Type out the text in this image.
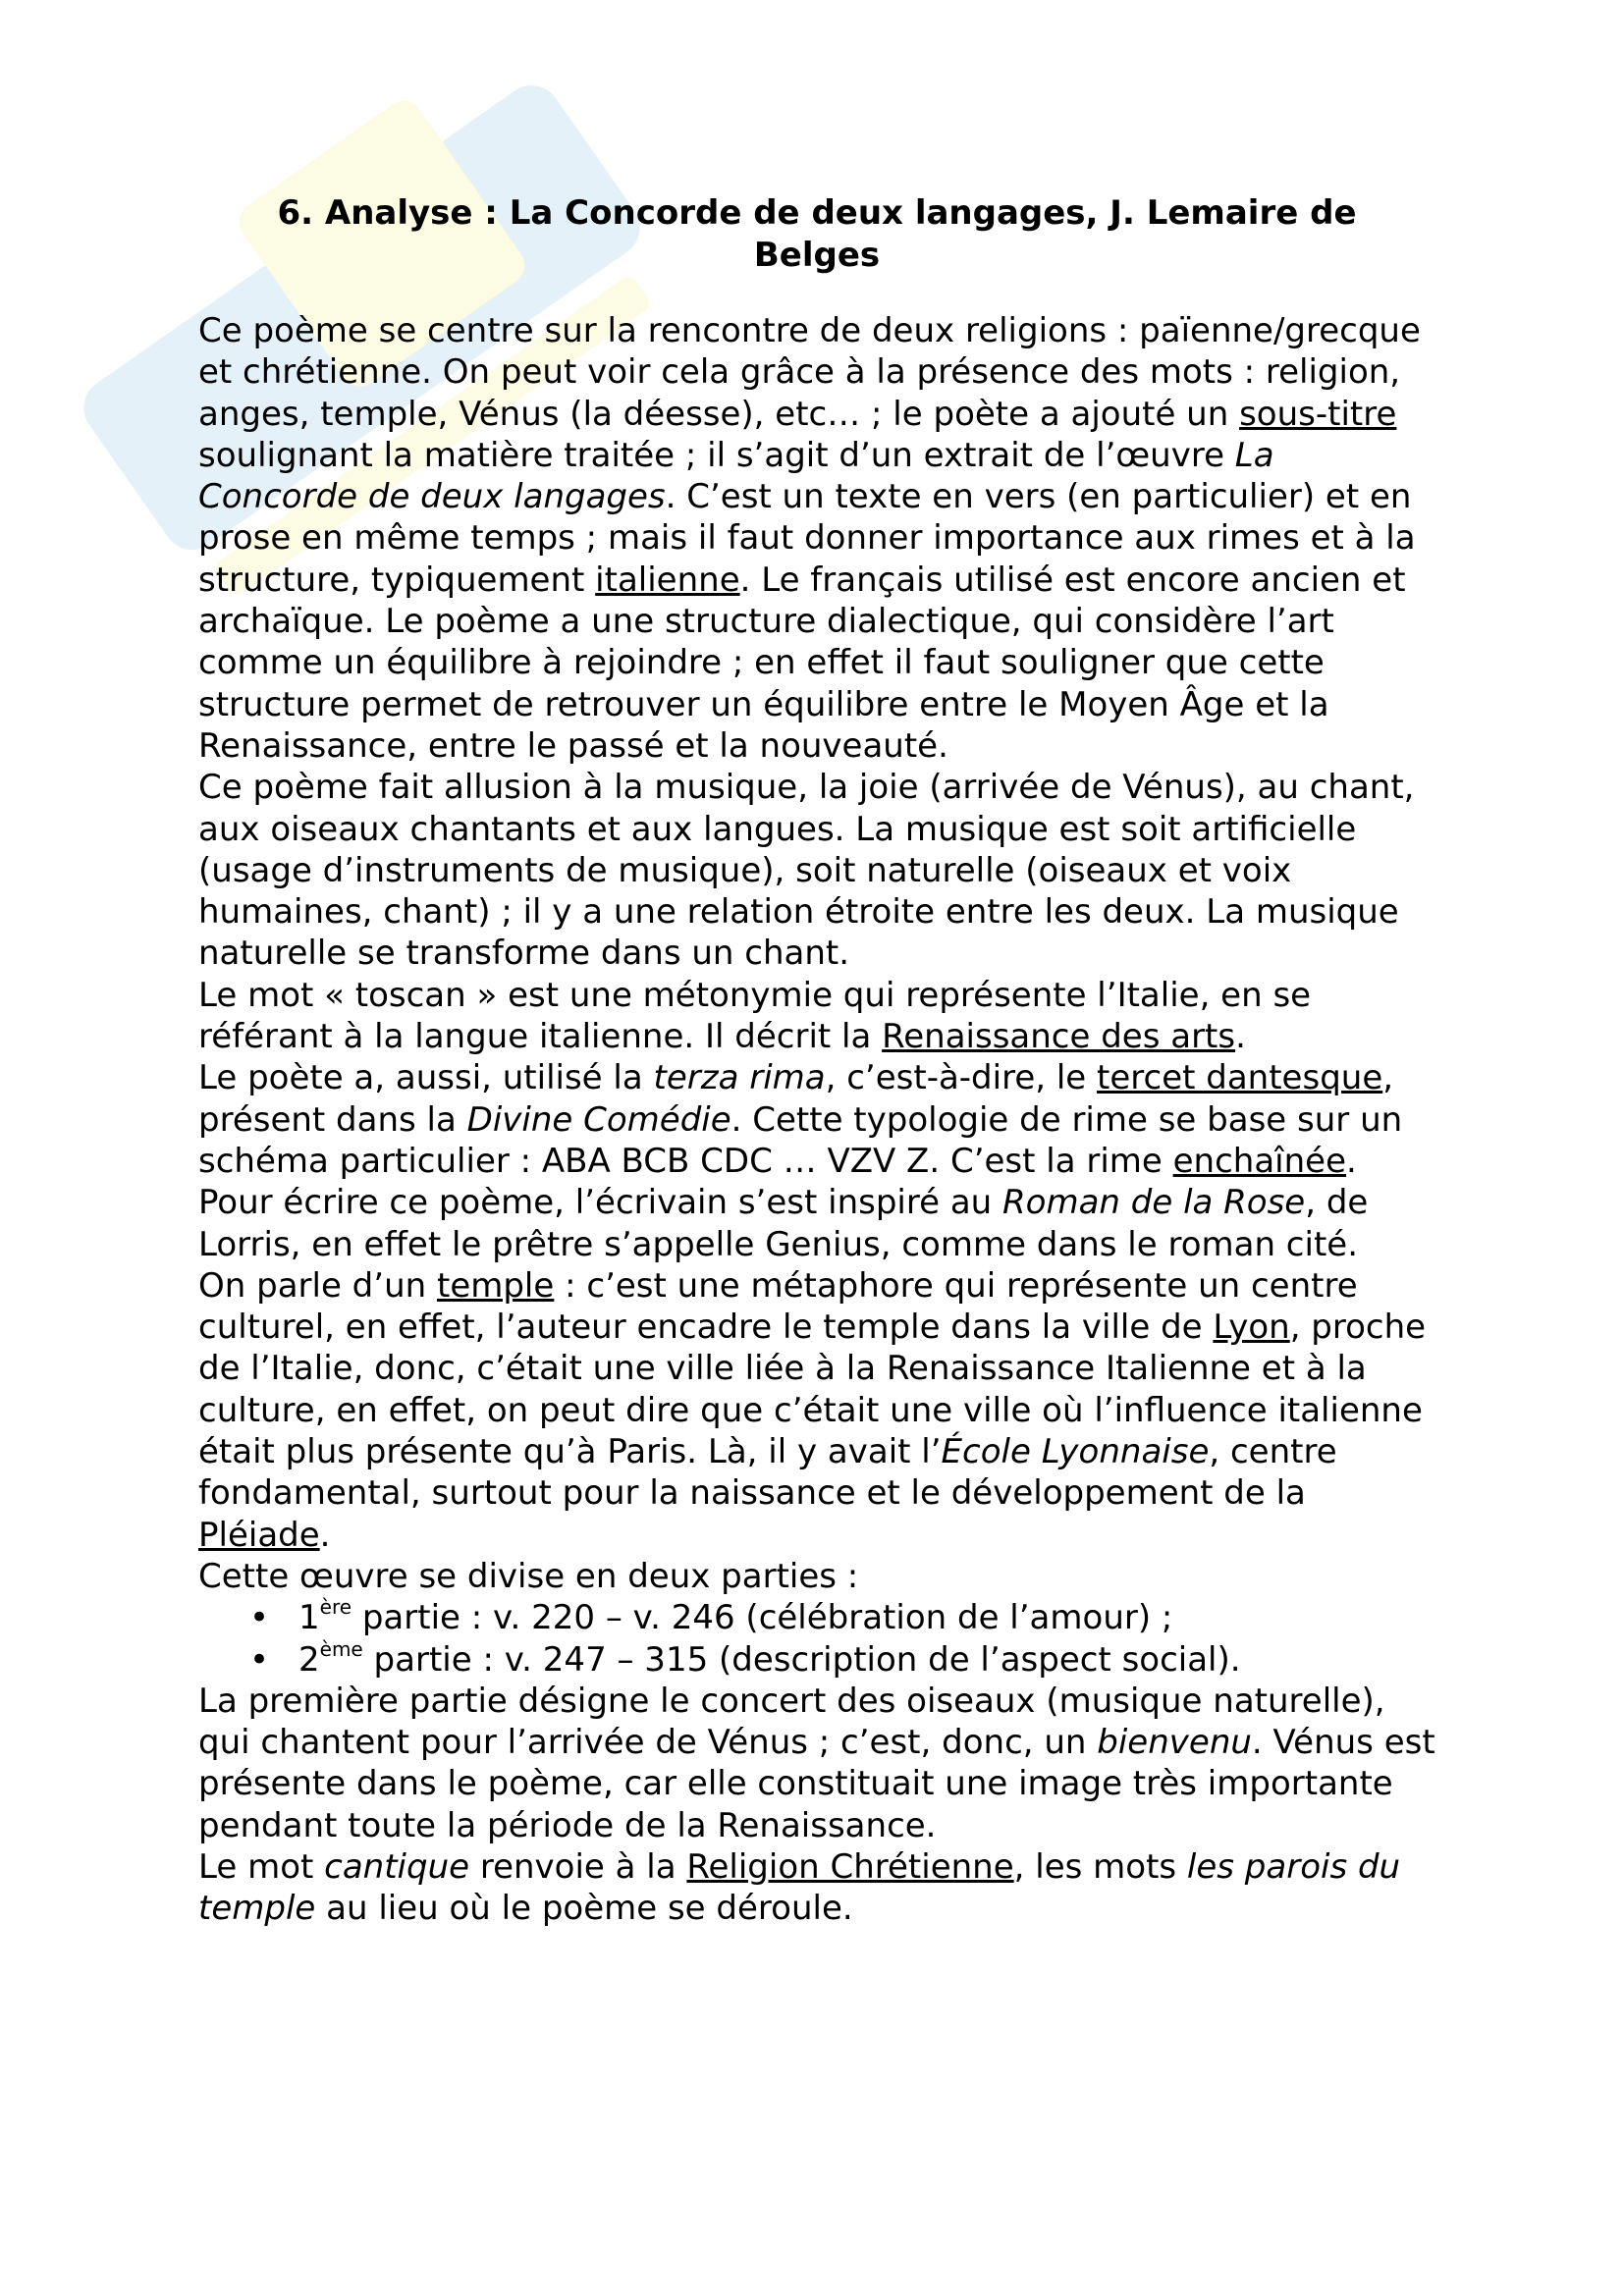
6. Analyse : La Concorde de deux langages, J. Lemaire de Belges

Ce poème se centre sur la rencontre de deux religions : païenne/grecque et chrétienne. On peut voir cela grâce à la présence des mots : religion, anges, temple, Vénus (la déesse), etc… ; le poète a ajouté un sous-titre soulignant la matière traitée ; il s’agit d’un extrait de l’œuvre La Concorde de deux langages. C’est un texte en vers (en particulier) et en prose en même temps ; mais il faut donner importance aux rimes et à la structure, typiquement italienne. Le français utilisé est encore ancien et archaïque. Le poème a une structure dialectique, qui considère l’art comme un équilibre à rejoindre ; en effet il faut souligner que cette structure permet de retrouver un équilibre entre le Moyen Âge et la Renaissance, entre le passé et la nouveauté.

Ce poème fait allusion à la musique, la joie (arrivée de Vénus), au chant, aux oiseaux chantants et aux langues. La musique est soit artificielle (usage d’instruments de musique), soit naturelle (oiseaux et voix humaines, chant) ; il y a une relation étroite entre les deux. La musique naturelle se transforme dans un chant.

Le mot « toscan » est une métonymie qui représente l’Italie, en se référant à la langue italienne. Il décrit la Renaissance des arts.

Le poète a, aussi, utilisé la terza rima, c’est-à-dire, le tercet dantesque, présent dans la Divine Comédie. Cette typologie de rime se base sur un schéma particulier : ABA BCB CDC … VZV Z. C’est la rime enchaînée. Pour écrire ce poème, l’écrivain s’est inspiré au Roman de la Rose, de Lorris, en effet le prêtre s’appelle Genius, comme dans le roman cité.

On parle d’un temple : c’est une métaphore qui représente un centre culturel, en effet, l’auteur encadre le temple dans la ville de Lyon, proche de l’Italie, donc, c’était une ville liée à la Renaissance Italienne et à la culture, en effet, on peut dire que c’était une ville où l’influence italienne était plus présente qu’à Paris. Là, il y avait l’École Lyonnaise, centre fondamental, surtout pour la naissance et le développement de la Pléiade.

Cette œuvre se divise en deux parties :

• 1ère partie : v. 220 – v. 246 (célébration de l’amour) ;
• 2ème partie : v. 247 – 315 (description de l’aspect social).

La première partie désigne le concert des oiseaux (musique naturelle), qui chantent pour l’arrivée de Vénus ; c’est, donc, un bienvenu. Vénus est présente dans le poème, car elle constituait une image très importante pendant toute la période de la Renaissance.

Le mot cantique renvoie à la Religion Chrétienne, les mots les parois du temple au lieu où le poème se déroule.
